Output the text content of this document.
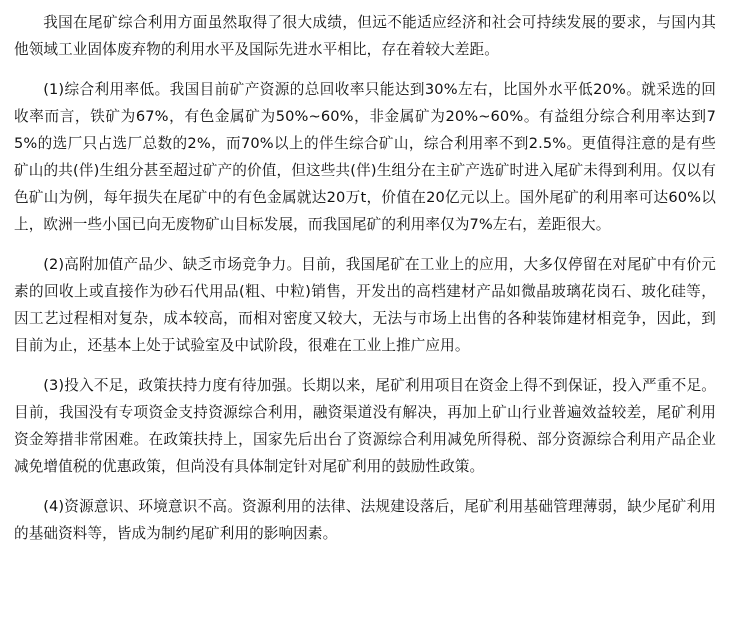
我国在尾矿综合利用方面虽然取得了很大成绩，但远不能适应经济和社会可持续发展的要求，与国内其他领域工业固体废弃物的利用水平及国际先进水平相比，存在着较大差距。

(1)综合利用率低。我国目前矿产资源的总回收率只能达到30%左右，比国外水平低20%。就采选的回收率而言，铁矿为67%，有色金属矿为50%~60%，非金属矿为20%~60%。有益组分综合利用率达到75%的选厂只占选厂总数的2%，而70%以上的伴生综合矿山，综合利用率不到2.5%。更值得注意的是有些矿山的共(伴)生组分甚至超过矿产的价值，但这些共(伴)生组分在主矿产选矿时进入尾矿未得到利用。仅以有色矿山为例，每年损失在尾矿中的有色金属就达20万t，价值在20亿元以上。国外尾矿的利用率可达60%以上，欧洲一些小国已向无废物矿山目标发展，而我国尾矿的利用率仅为7%左右，差距很大。

(2)高附加值产品少、缺乏市场竞争力。目前，我国尾矿在工业上的应用，大多仅停留在对尾矿中有价元素的回收上或直接作为砂石代用品(粗、中粒)销售，开发出的高档建材产品如微晶玻璃花岗石、玻化硅等，因工艺过程相对复杂，成本较高，而相对密度又较大，无法与市场上出售的各种装饰建材相竞争，因此，到目前为止，还基本上处于试验室及中试阶段，很难在工业上推广应用。

(3)投入不足，政策扶持力度有待加强。长期以来，尾矿利用项目在资金上得不到保证，投入严重不足。目前，我国没有专项资金支持资源综合利用，融资渠道没有解决，再加上矿山行业普遍效益较差，尾矿利用资金筹措非常困难。在政策扶持上，国家先后出台了资源综合利用减免所得税、部分资源综合利用产品企业减免增值税的优惠政策，但尚没有具体制定针对尾矿利用的鼓励性政策。

(4)资源意识、环境意识不高。资源利用的法律、法规建设落后，尾矿利用基础管理薄弱，缺少尾矿利用的基础资料等，皆成为制约尾矿利用的影响因素。
